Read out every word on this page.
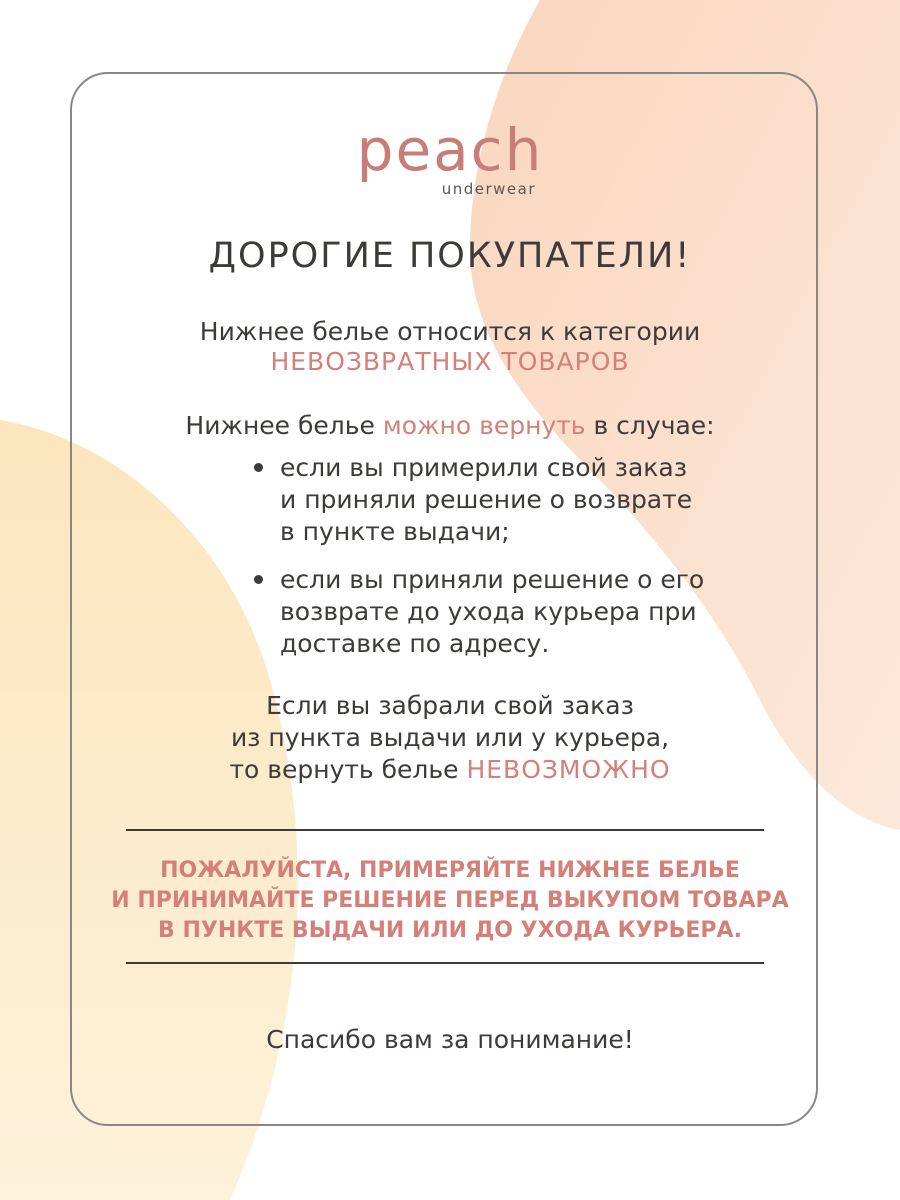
peach
underwear
ДОРОГИЕ ПОКУПАТЕЛИ!
Нижнее белье относится к категории
НЕВОЗВРАТНЫХ ТОВАРОВ
Нижнее белье можно вернуть в случае:
если вы примерили свой заказ
и приняли решение о возврате
в пункте выдачи;
если вы приняли решение о его
возврате до ухода курьера при
доставке по адресу.
Если вы забрали свой заказ
из пункта выдачи или у курьера,
то вернуть белье НЕВОЗМОЖНО
ПОЖАЛУЙСТА, ПРИМЕРЯЙТЕ НИЖНЕЕ БЕЛЬЕ
И ПРИНИМАЙТЕ РЕШЕНИЕ ПЕРЕД ВЫКУПОМ ТОВАРА
В ПУНКТЕ ВЫДАЧИ ИЛИ ДО УХОДА КУРЬЕРА.
Спасибо вам за понимание!
